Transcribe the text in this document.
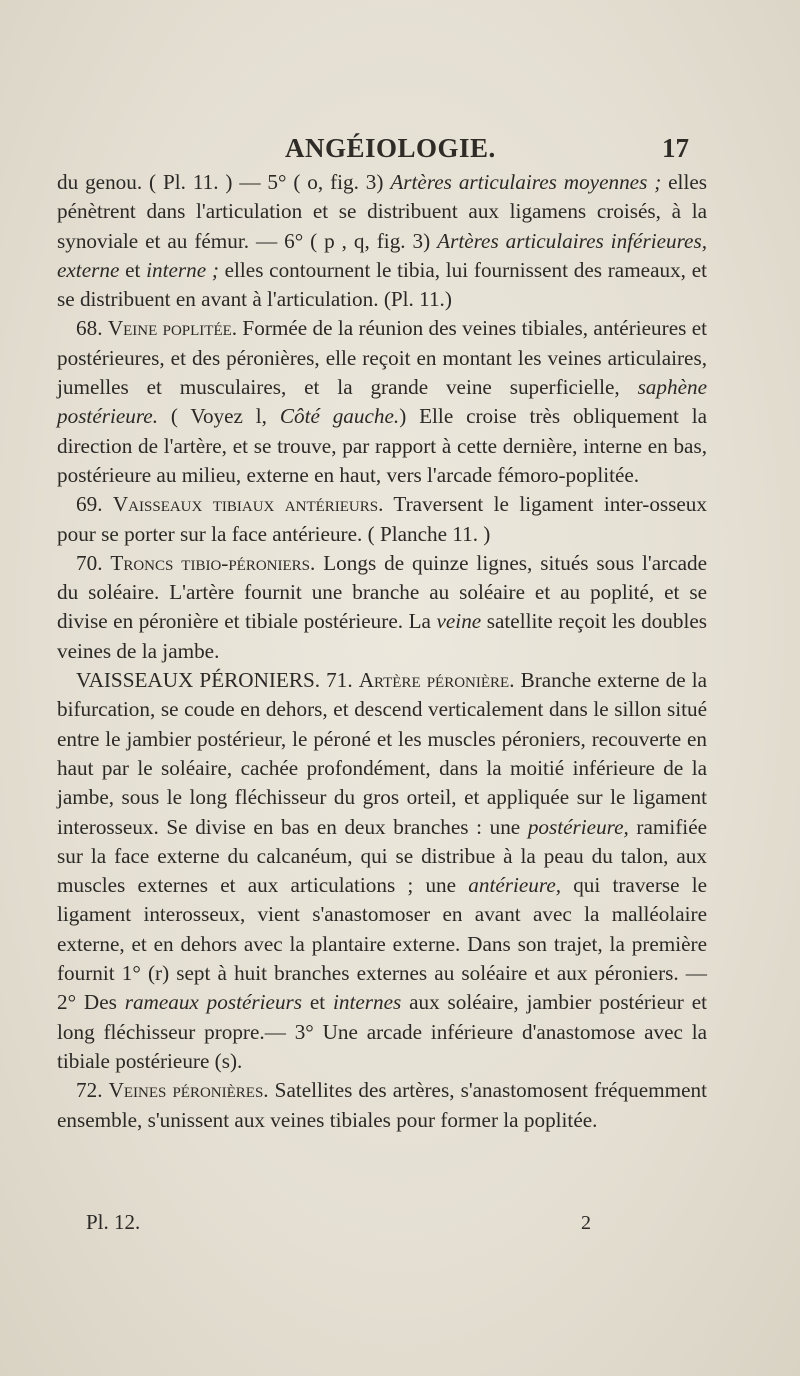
ANGÉIOLOGIE.	17

du genou. ( Pl. 11. ) — 5° ( o, fig. 3) Artères articulaires moyennes ; elles pénètrent dans l'articulation et se distribuent aux ligamens croisés, à la synoviale et au fémur. — 6° ( p , q, fig. 3) Artères articulaires inférieures, externe et interne ; elles contournent le tibia, lui fournissent des rameaux, et se distribuent en avant à l'articulation. (Pl. 11.)

68. Veine poplitée. Formée de la réunion des veines tibiales, antérieures et postérieures, et des péronières, elle reçoit en montant les veines articulaires, jumelles et musculaires, et la grande veine superficielle, saphène postérieure. ( Voyez l, Côté gauche.) Elle croise très obliquement la direction de l'artère, et se trouve, par rapport à cette dernière, interne en bas, postérieure au milieu, externe en haut, vers l'arcade fémoro-poplitée.

69. Vaisseaux tibiaux antérieurs. Traversent le ligament inter-osseux pour se porter sur la face antérieure. ( Planche 11. )

70. Troncs tibio-péroniers. Longs de quinze lignes, situés sous l'arcade du soléaire. L'artère fournit une branche au soléaire et au poplité, et se divise en péronière et tibiale postérieure. La veine satellite reçoit les doubles veines de la jambe.

VAISSEAUX PÉRONIERS. 71. Artère péronière. Branche externe de la bifurcation, se coude en dehors, et descend verticalement dans le sillon situé entre le jambier postérieur, le péroné et les muscles péroniers, recouverte en haut par le soléaire, cachée profondément, dans la moitié inférieure de la jambe, sous le long fléchisseur du gros orteil, et appliquée sur le ligament interosseux. Se divise en bas en deux branches : une postérieure, ramifiée sur la face externe du calcanéum, qui se distribue à la peau du talon, aux muscles externes et aux articulations ; une antérieure, qui traverse le ligament interosseux, vient s'anastomoser en avant avec la malléolaire externe, et en dehors avec la plantaire externe. Dans son trajet, la première fournit 1° (r) sept à huit branches externes au soléaire et aux péroniers. — 2° Des rameaux postérieurs et internes aux soléaire, jambier postérieur et long fléchisseur propre.— 3° Une arcade inférieure d'anastomose avec la tibiale postérieure (s).

72. Veines péronières. Satellites des artères, s'anastomosent fréquemment ensemble, s'unissent aux veines tibiales pour former la poplitée.

Pl. 12.	2
